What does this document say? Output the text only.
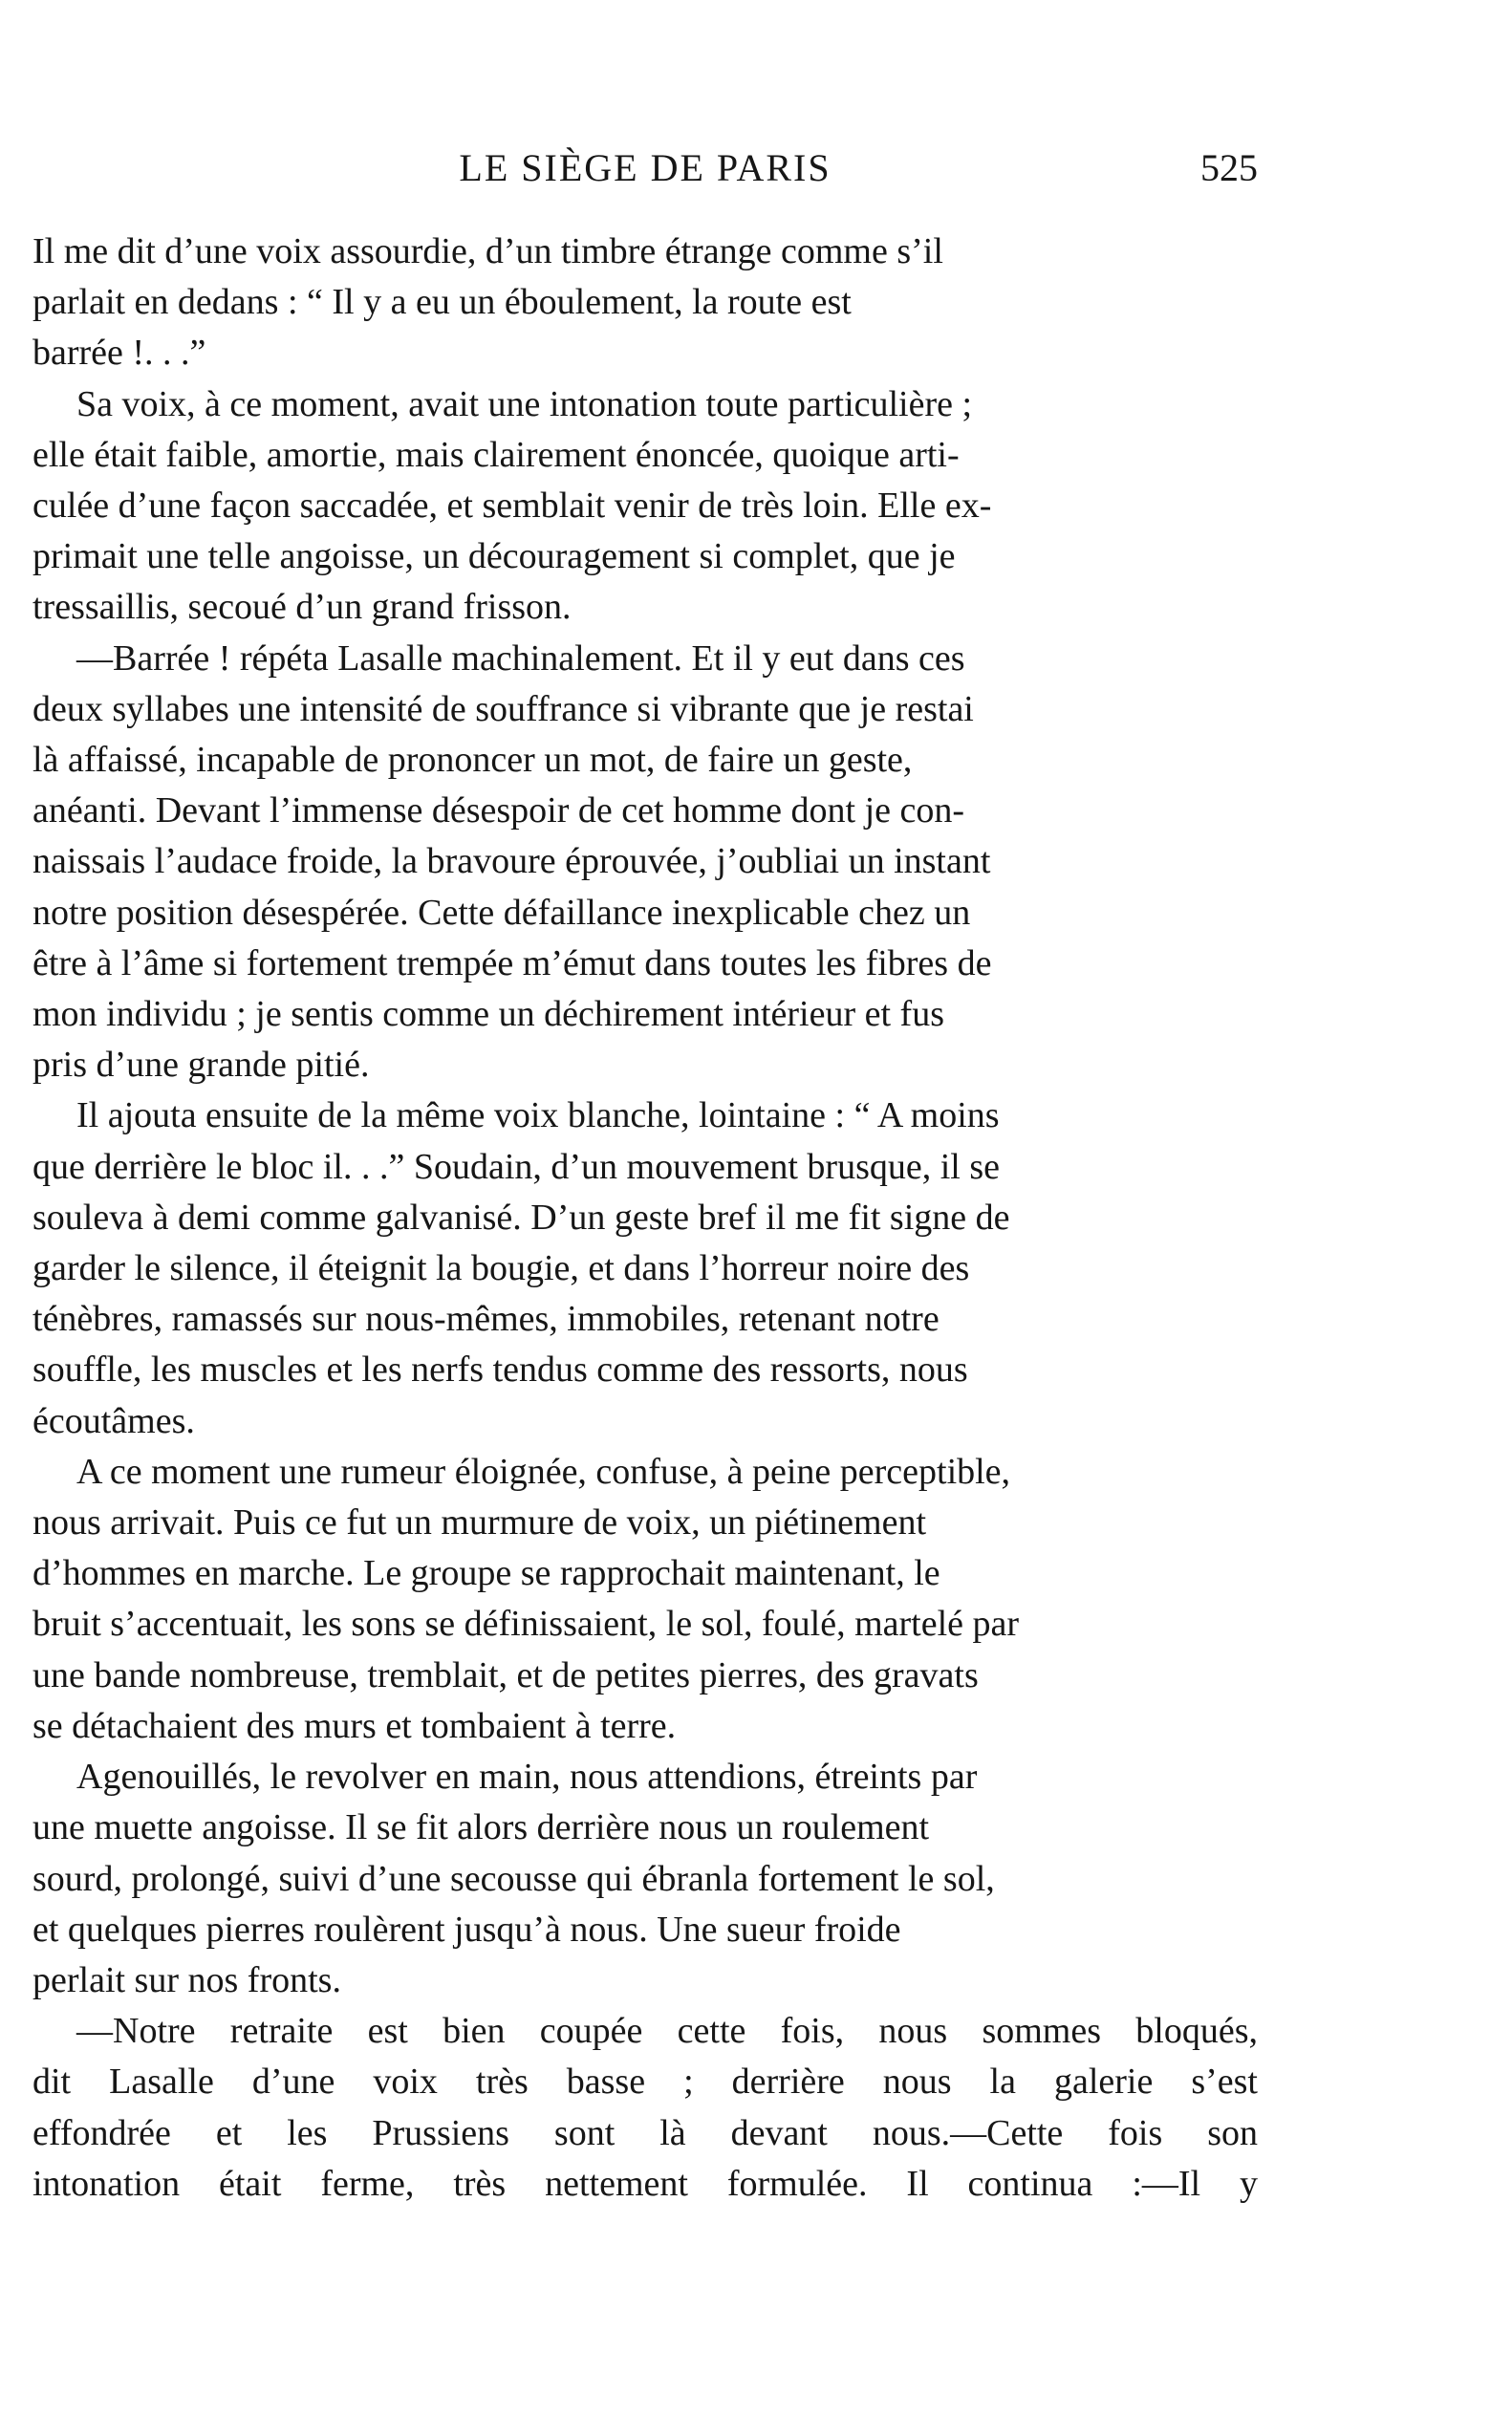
LE SIÈGE DE PARIS	525

Il me dit d’une voix assourdie, d’un timbre étrange comme s’il
parlait en dedans : “ Il y a eu un éboulement, la route est
barrée !. . .”

Sa voix, à ce moment, avait une intonation toute particulière ;
elle était faible, amortie, mais clairement énoncée, quoique arti-
culée d’une façon saccadée, et semblait venir de très loin. Elle ex-
primait une telle angoisse, un découragement si complet, que je
tressaillis, secoué d’un grand frisson.

—Barrée ! répéta Lasalle machinalement. Et il y eut dans ces
deux syllabes une intensité de souffrance si vibrante que je restai
là affaissé, incapable de prononcer un mot, de faire un geste,
anéanti. Devant l’immense désespoir de cet homme dont je con-
naissais l’audace froide, la bravoure éprouvée, j’oubliai un instant
notre position désespérée. Cette défaillance inexplicable chez un
être à l’âme si fortement trempée m’émut dans toutes les fibres de
mon individu ; je sentis comme un déchirement intérieur et fus
pris d’une grande pitié.

Il ajouta ensuite de la même voix blanche, lointaine : “ A moins
que derrière le bloc il. . .” Soudain, d’un mouvement brusque, il se
souleva à demi comme galvanisé. D’un geste bref il me fit signe de
garder le silence, il éteignit la bougie, et dans l’horreur noire des
ténèbres, ramassés sur nous-mêmes, immobiles, retenant notre
souffle, les muscles et les nerfs tendus comme des ressorts, nous
écoutâmes.

A ce moment une rumeur éloignée, confuse, à peine perceptible,
nous arrivait. Puis ce fut un murmure de voix, un piétinement
d’hommes en marche. Le groupe se rapprochait maintenant, le
bruit s’accentuait, les sons se définissaient, le sol, foulé, martelé par
une bande nombreuse, tremblait, et de petites pierres, des gravats
se détachaient des murs et tombaient à terre.

Agenouillés, le revolver en main, nous attendions, étreints par
une muette angoisse. Il se fit alors derrière nous un roulement
sourd, prolongé, suivi d’une secousse qui ébranla fortement le sol,
et quelques pierres roulèrent jusqu’à nous. Une sueur froide
perlait sur nos fronts.

—Notre retraite est bien coupée cette fois, nous sommes bloqués,
dit Lasalle d’une voix très basse ; derrière nous la galerie s’est
effondrée et les Prussiens sont là devant nous.—Cette fois son
intonation était ferme, très nettement formulée. Il continua :—Il y
